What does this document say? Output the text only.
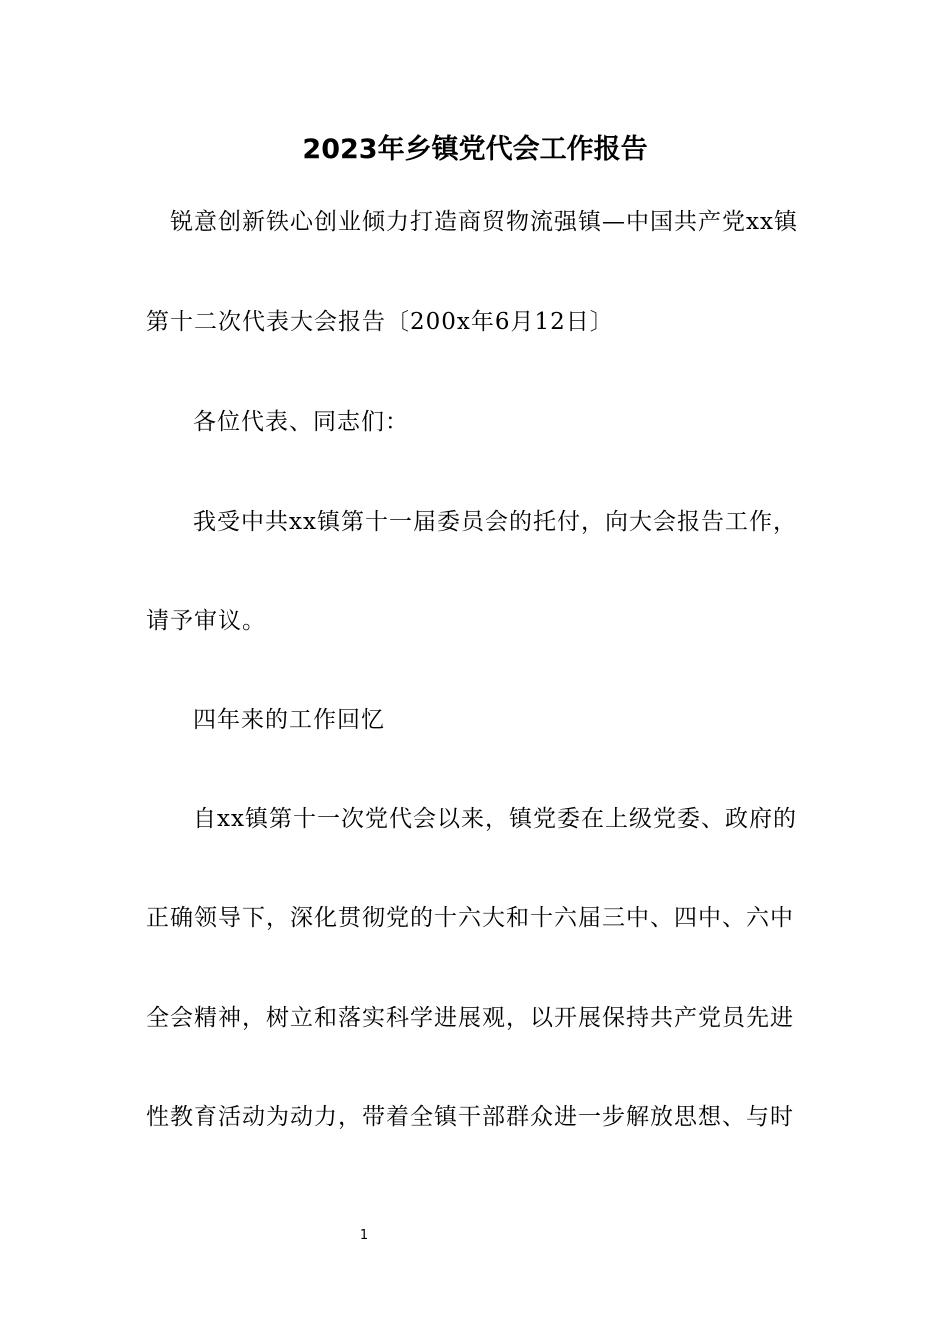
2023年乡镇党代会工作报告
锐意创新铁心创业倾力打造商贸物流强镇—中国共产党xx镇
第十二次代表大会报告〔200x年6月12日〕
各位代表、同志们：
我受中共xx镇第十一届委员会的托付，向大会报告工作，
请予审议。
四年来的工作回忆
自xx镇第十一次党代会以来，镇党委在上级党委、政府的
正确领导下，深化贯彻党的十六大和十六届三中、四中、六中
全会精神，树立和落实科学进展观，以开展保持共产党员先进
性教育活动为动力，带着全镇干部群众进一步解放思想、与时
1
